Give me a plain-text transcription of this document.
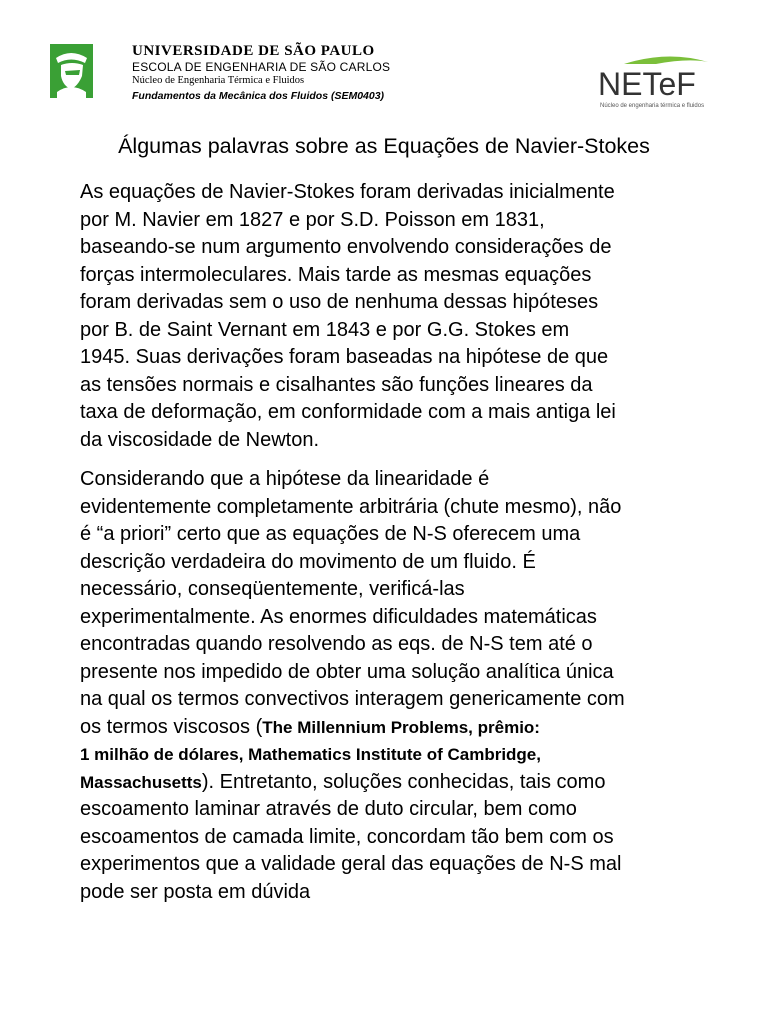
UNIVERSIDADE DE SÃO PAULO
ESCOLA DE ENGENHARIA DE SÃO CARLOS
Núcleo de Engenharia Térmica e Fluidos
Fundamentos da Mecânica dos Fluidos (SEM0403)	NETeF
Núcleo de engenharia térmica e fluidos
Álgumas palavras sobre as Equações de Navier-Stokes

As equações de Navier-Stokes foram derivadas inicialmente
por M. Navier em 1827 e por S.D. Poisson em 1831,
baseando-se num argumento envolvendo considerações de
forças intermoleculares. Mais tarde as mesmas equações
foram derivadas sem o uso de nenhuma dessas hipóteses
por B. de Saint Vernant em 1843 e por G.G. Stokes em
1945. Suas derivações foram baseadas na hipótese de que
as tensões normais e cisalhantes são funções lineares da
taxa de deformação, em conformidade com a mais antiga lei
da viscosidade de Newton.

Considerando que a hipótese da linearidade é
evidentemente completamente arbitrária (chute mesmo), não
é “a priori” certo que as equações de N-S oferecem uma
descrição verdadeira do movimento de um fluido. É
necessário, conseqüentemente, verificá-las
experimentalmente. As enormes dificuldades matemáticas
encontradas quando resolvendo as eqs. de N-S tem até o
presente nos impedido de obter uma solução analítica única
na qual os termos convectivos interagem genericamente com
os termos viscosos (The Millennium Problems, prêmio:
1 milhão de dólares, Mathematics Institute of Cambridge,
Massachusetts). Entretanto, soluções conhecidas, tais como
escoamento laminar através de duto circular, bem como
escoamentos de camada limite, concordam tão bem com os
experimentos que a validade geral das equações de N-S mal
pode ser posta em dúvida
